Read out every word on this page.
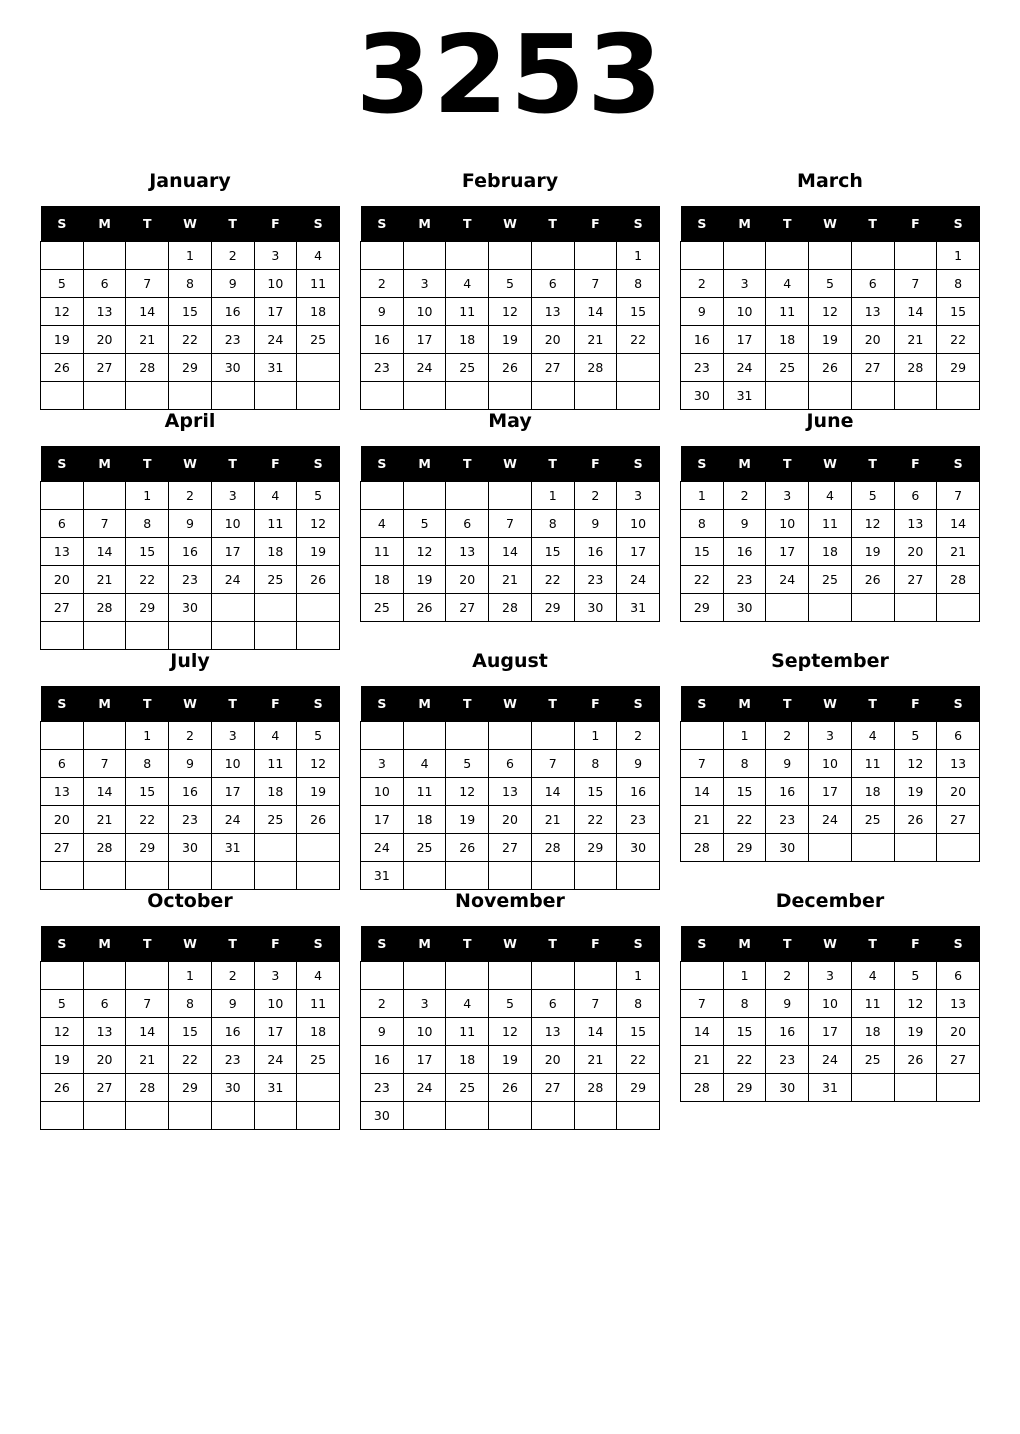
3253
January
S	M	T	W	T	F	S
			1	2	3	4
5	6	7	8	9	10	11
12	13	14	15	16	17	18
19	20	21	22	23	24	25
26	27	28	29	30	31	

February
S	M	T	W	T	F	S
						1
2	3	4	5	6	7	8
9	10	11	12	13	14	15
16	17	18	19	20	21	22
23	24	25	26	27	28	

March
S	M	T	W	T	F	S
						1
2	3	4	5	6	7	8
9	10	11	12	13	14	15
16	17	18	19	20	21	22
23	24	25	26	27	28	29
30	31					
April
S	M	T	W	T	F	S
		1	2	3	4	5
6	7	8	9	10	11	12
13	14	15	16	17	18	19
20	21	22	23	24	25	26
27	28	29	30			

May
S	M	T	W	T	F	S
				1	2	3
4	5	6	7	8	9	10
11	12	13	14	15	16	17
18	19	20	21	22	23	24
25	26	27	28	29	30	31
June
S	M	T	W	T	F	S
1	2	3	4	5	6	7
8	9	10	11	12	13	14
15	16	17	18	19	20	21
22	23	24	25	26	27	28
29	30					
July
S	M	T	W	T	F	S
		1	2	3	4	5
6	7	8	9	10	11	12
13	14	15	16	17	18	19
20	21	22	23	24	25	26
27	28	29	30	31		

August
S	M	T	W	T	F	S
					1	2
3	4	5	6	7	8	9
10	11	12	13	14	15	16
17	18	19	20	21	22	23
24	25	26	27	28	29	30
31						
September
S	M	T	W	T	F	S
	1	2	3	4	5	6
7	8	9	10	11	12	13
14	15	16	17	18	19	20
21	22	23	24	25	26	27
28	29	30				
October
S	M	T	W	T	F	S
			1	2	3	4
5	6	7	8	9	10	11
12	13	14	15	16	17	18
19	20	21	22	23	24	25
26	27	28	29	30	31	

November
S	M	T	W	T	F	S
						1
2	3	4	5	6	7	8
9	10	11	12	13	14	15
16	17	18	19	20	21	22
23	24	25	26	27	28	29
30						
December
S	M	T	W	T	F	S
	1	2	3	4	5	6
7	8	9	10	11	12	13
14	15	16	17	18	19	20
21	22	23	24	25	26	27
28	29	30	31			
